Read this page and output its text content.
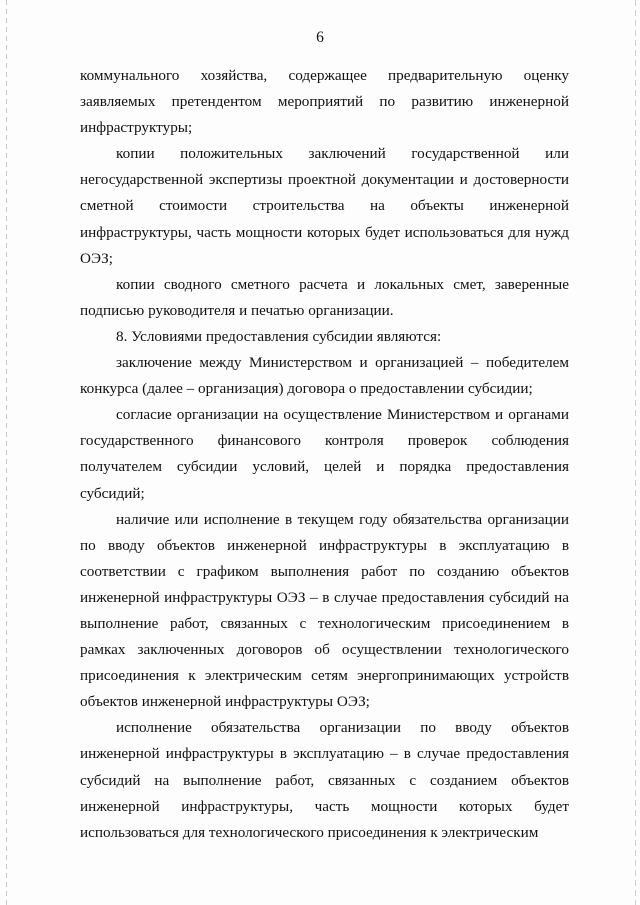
6

коммунального хозяйства, содержащее предварительную оценку заявляемых претендентом мероприятий по развитию инженерной инфраструктуры;

копии положительных заключений государственной или негосударственной экспертизы проектной документации и достоверности сметной стоимости строительства на объекты инженерной инфраструктуры, часть мощности которых будет использоваться для нужд ОЭЗ;

копии сводного сметного расчета и локальных смет, заверенные подписью руководителя и печатью организации.

8. Условиями предоставления субсидии являются:

заключение между Министерством и организацией – победителем конкурса (далее – организация) договора о предоставлении субсидии;

согласие организации на осуществление Министерством и органами государственного финансового контроля проверок соблюдения получателем субсидии условий, целей и порядка предоставления субсидий;

наличие или исполнение в текущем году обязательства организации по вводу объектов инженерной инфраструктуры в эксплуатацию в соответствии с графиком выполнения работ по созданию объектов инженерной инфраструктуры ОЭЗ – в случае предоставления субсидий на выполнение работ, связанных с технологическим присоединением в рамках заключенных договоров об осуществлении технологического присоединения к электрическим сетям энергопринимающих устройств объектов инженерной инфраструктуры ОЭЗ;

исполнение обязательства организации по вводу объектов инженерной инфраструктуры в эксплуатацию – в случае предоставления субсидий на выполнение работ, связанных с созданием объектов инженерной инфраструктуры, часть мощности которых будет использоваться для технологического присоединения к электрическим
